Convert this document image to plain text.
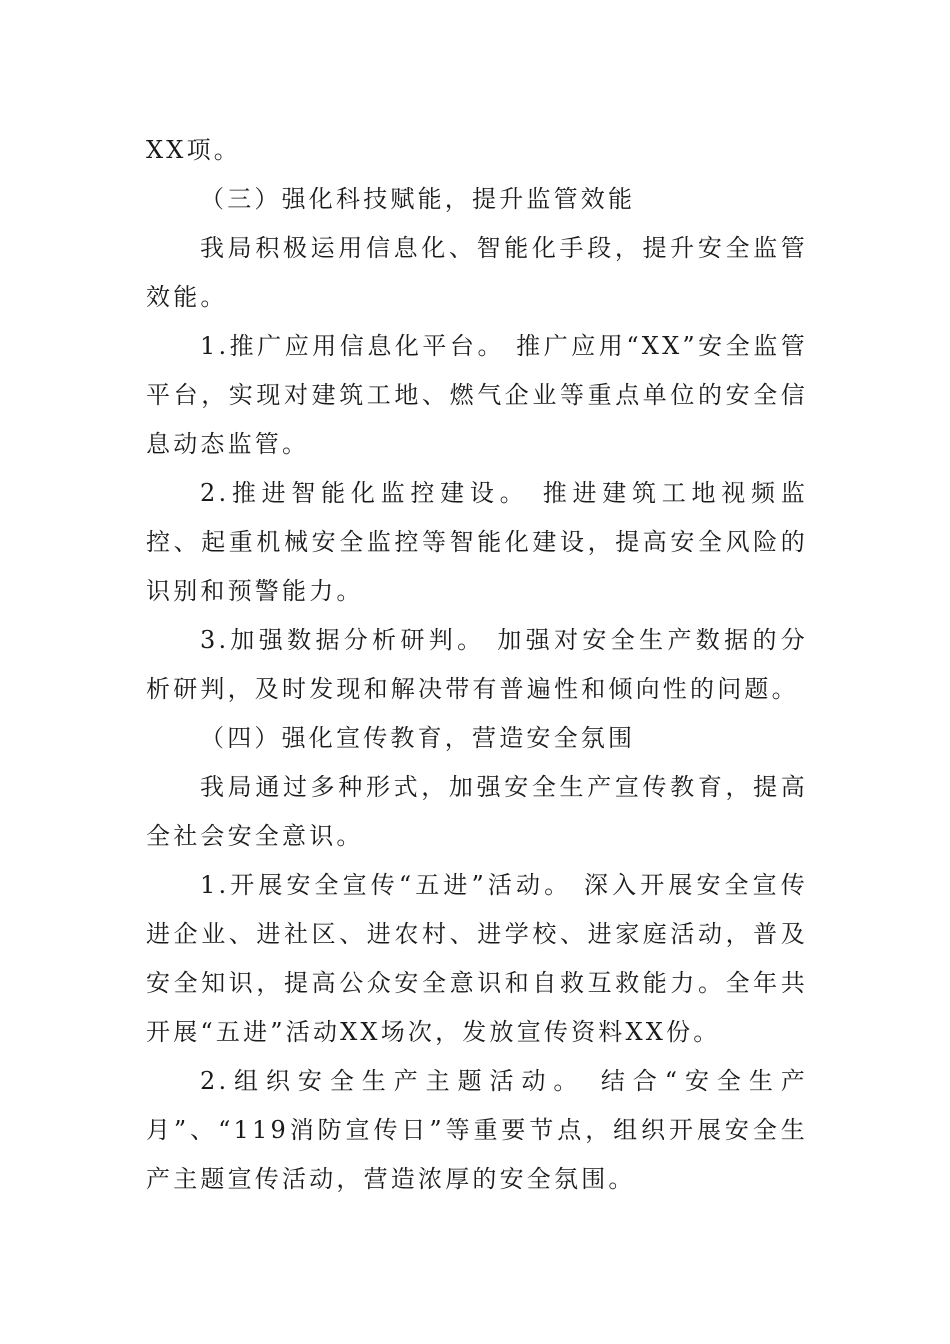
XX项。

（三）强化科技赋能，提升监管效能

我局积极运用信息化、智能化手段，提升安全监管效能。

1.推广应用信息化平台。 推广应用“XX”安全监管平台，实现对建筑工地、燃气企业等重点单位的安全信息动态监管。

2.推进智能化监控建设。 推进建筑工地视频监控、起重机械安全监控等智能化建设，提高安全风险的识别和预警能力。

3.加强数据分析研判。 加强对安全生产数据的分析研判，及时发现和解决带有普遍性和倾向性的问题。

（四）强化宣传教育，营造安全氛围

我局通过多种形式，加强安全生产宣传教育，提高全社会安全意识。

1.开展安全宣传“五进”活动。 深入开展安全宣传进企业、进社区、进农村、进学校、进家庭活动，普及安全知识，提高公众安全意识和自救互救能力。全年共开展“五进”活动XX场次，发放宣传资料XX份。

2.组织安全生产主题活动。 结合“安全生产月”、“119消防宣传日”等重要节点，组织开展安全生产主题宣传活动，营造浓厚的安全氛围。
